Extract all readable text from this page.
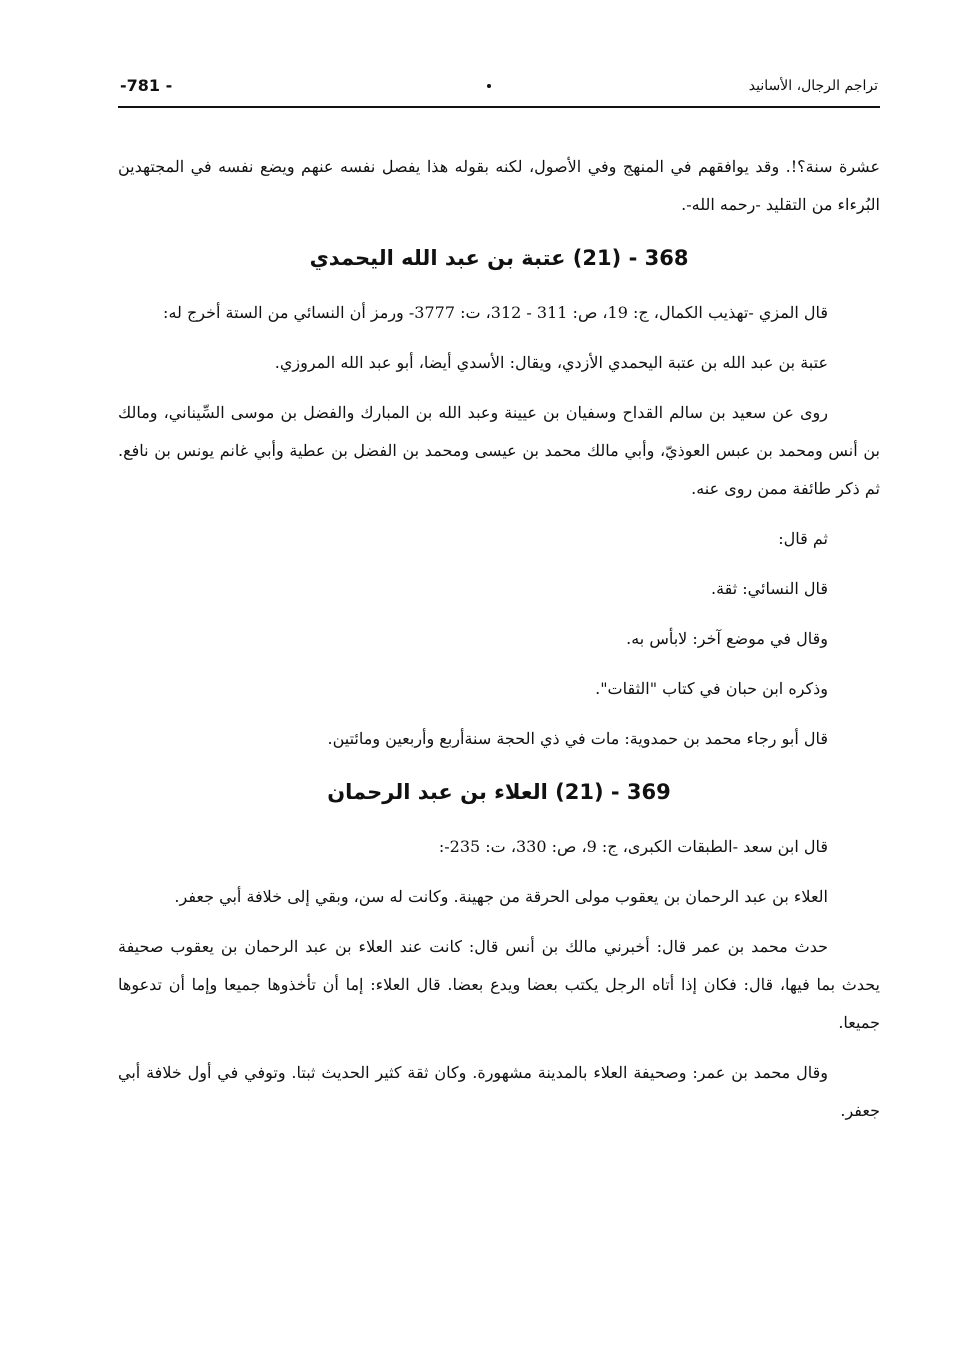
-781 -	تراجم الرجال، الأسانيد

عشرة سنة؟!. وقد يوافقهم في المنهج وفي الأصول، لكنه بقوله هذا يفصل نفسه عنهم ويضع نفسه في المجتهدين البُرءاء من التقليد -رحمه الله-.

368 - (21) عتبة بن عبد الله اليحمدي

قال المزي -تهذيب الكمال، ج: 19، ص: 311 - 312، ت: 3777- ورمز أن النسائي من الستة أخرج له:

عتبة بن عبد الله بن عتبة اليحمدي الأزدي، ويقال: الأسدي أيضا، أبو عبد الله المروزي.

روى عن سعيد بن سالم القداح وسفيان بن عيينة وعبد الله بن المبارك والفضل بن موسى السِّيناني، ومالك بن أنس ومحمد بن عبس العوذيّ، وأبي مالك محمد بن عيسى ومحمد بن الفضل بن عطية وأبي غانم يونس بن نافع. ثم ذكر طائفة ممن روى عنه.

ثم قال:

قال النسائي: ثقة.

وقال في موضع آخر: لابأس به.

وذكره ابن حبان في كتاب "الثقات".

قال أبو رجاء محمد بن حمدوية: مات في ذي الحجة سنةأربع وأربعين ومائتين.

369 - (21) العلاء بن عبد الرحمان

قال ابن سعد -الطبقات الكبرى، ج: 9، ص: 330، ت: 235-:

العلاء بن عبد الرحمان بن يعقوب مولى الحرقة من جهينة. وكانت له سن، وبقي إلى خلافة أبي جعفر.

حدث محمد بن عمر قال: أخبرني مالك بن أنس قال: كانت عند العلاء بن عبد الرحمان بن يعقوب صحيفة يحدث بما فيها، قال: فكان إذا أتاه الرجل يكتب بعضا ويدع بعضا. قال العلاء: إما أن تأخذوها جميعا وإما أن تدعوها جميعا.

وقال محمد بن عمر: وصحيفة العلاء بالمدينة مشهورة. وكان ثقة كثير الحديث ثبتا. وتوفي في أول خلافة أبي جعفر.
